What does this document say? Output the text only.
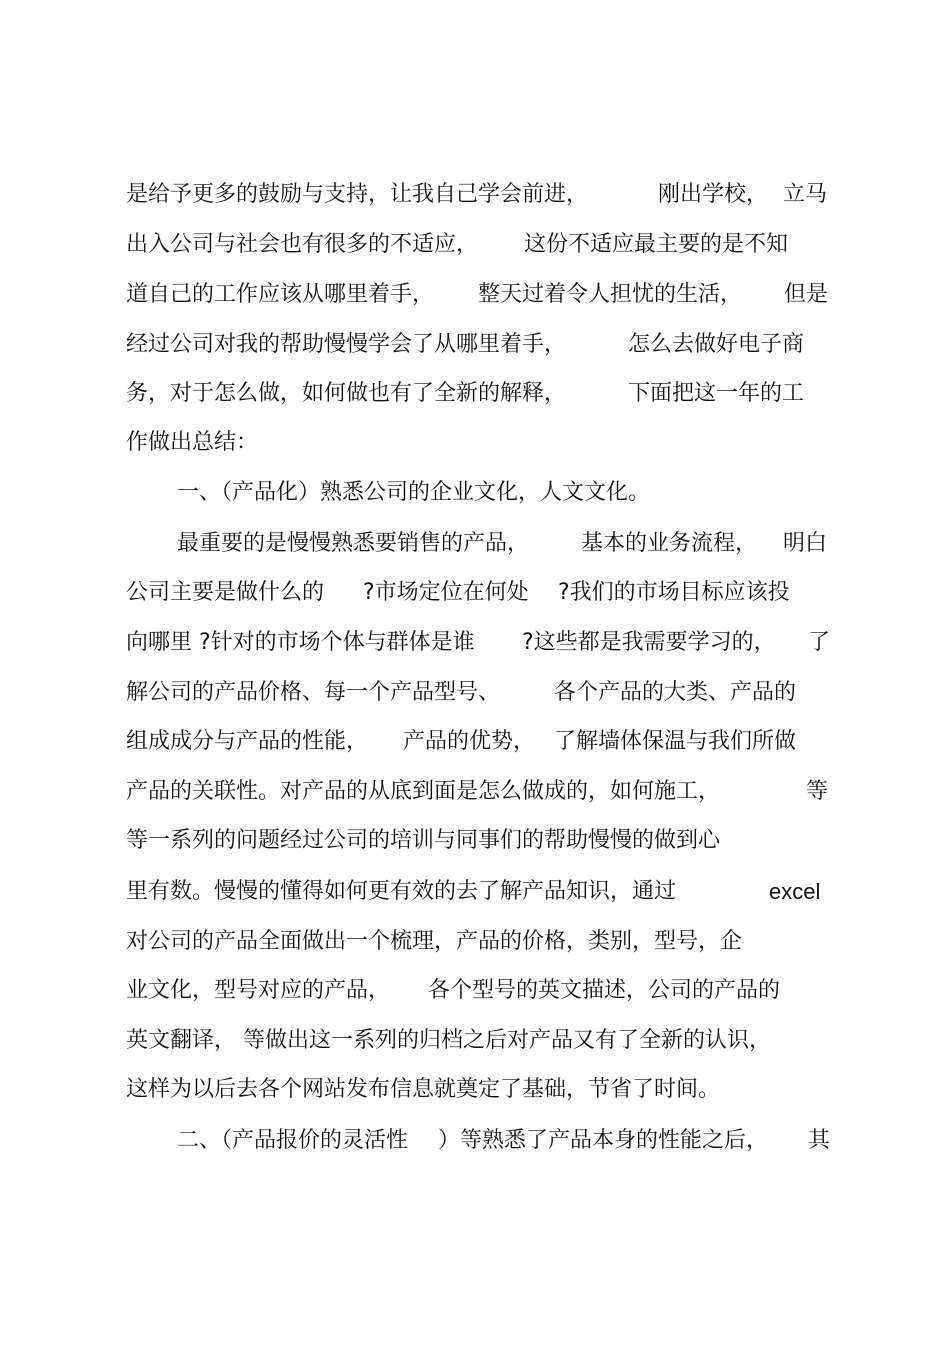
是给予更多的鼓励与支持，让我自己学会前进，	刚出学校， 立马
出入公司与社会也有很多的不适应， 这份不适应最主要的是不知
道自己的工作应该从哪里着手， 整天过着令人担忧的生活， 但是
经过公司对我的帮助慢慢学会了从哪里着手，	怎么去做好电子商
务，对于怎么做，如何做也有了全新的解释，	下面把这一年的工
作做出总结：
一、（产品化）熟悉公司的企业文化，人文文化。
最重要的是慢慢熟悉要销售的产品， 基本的业务流程， 明白
公司主要是做什么的 ?市场定位在何处 ?我们的市场目标应该投
向哪里 ?针对的市场个体与群体是谁 ?这些都是我需要学习的， 了
解公司的产品价格、每一个产品型号、 各个产品的大类、产品的
组成成分与产品的性能， 产品的优势， 了解墙体保温与我们所做
产品的关联性。对产品的从底到面是怎么做成的，如何施工，	等
等一系列的问题经过公司的培训与同事们的帮助慢慢的做到心
里有数。慢慢的懂得如何更有效的去了解产品知识，通过	excel
对公司的产品全面做出一个梳理，产品的价格，类别，型号，企
业文化，型号对应的产品， 各个型号的英文描述，公司的产品的
英文翻译， 等做出这一系列的归档之后对产品又有了全新的认识，
这样为以后去各个网站发布信息就奠定了基础，节省了时间。
二、（产品报价的灵活性 ）等熟悉了产品本身的性能之后， 其
